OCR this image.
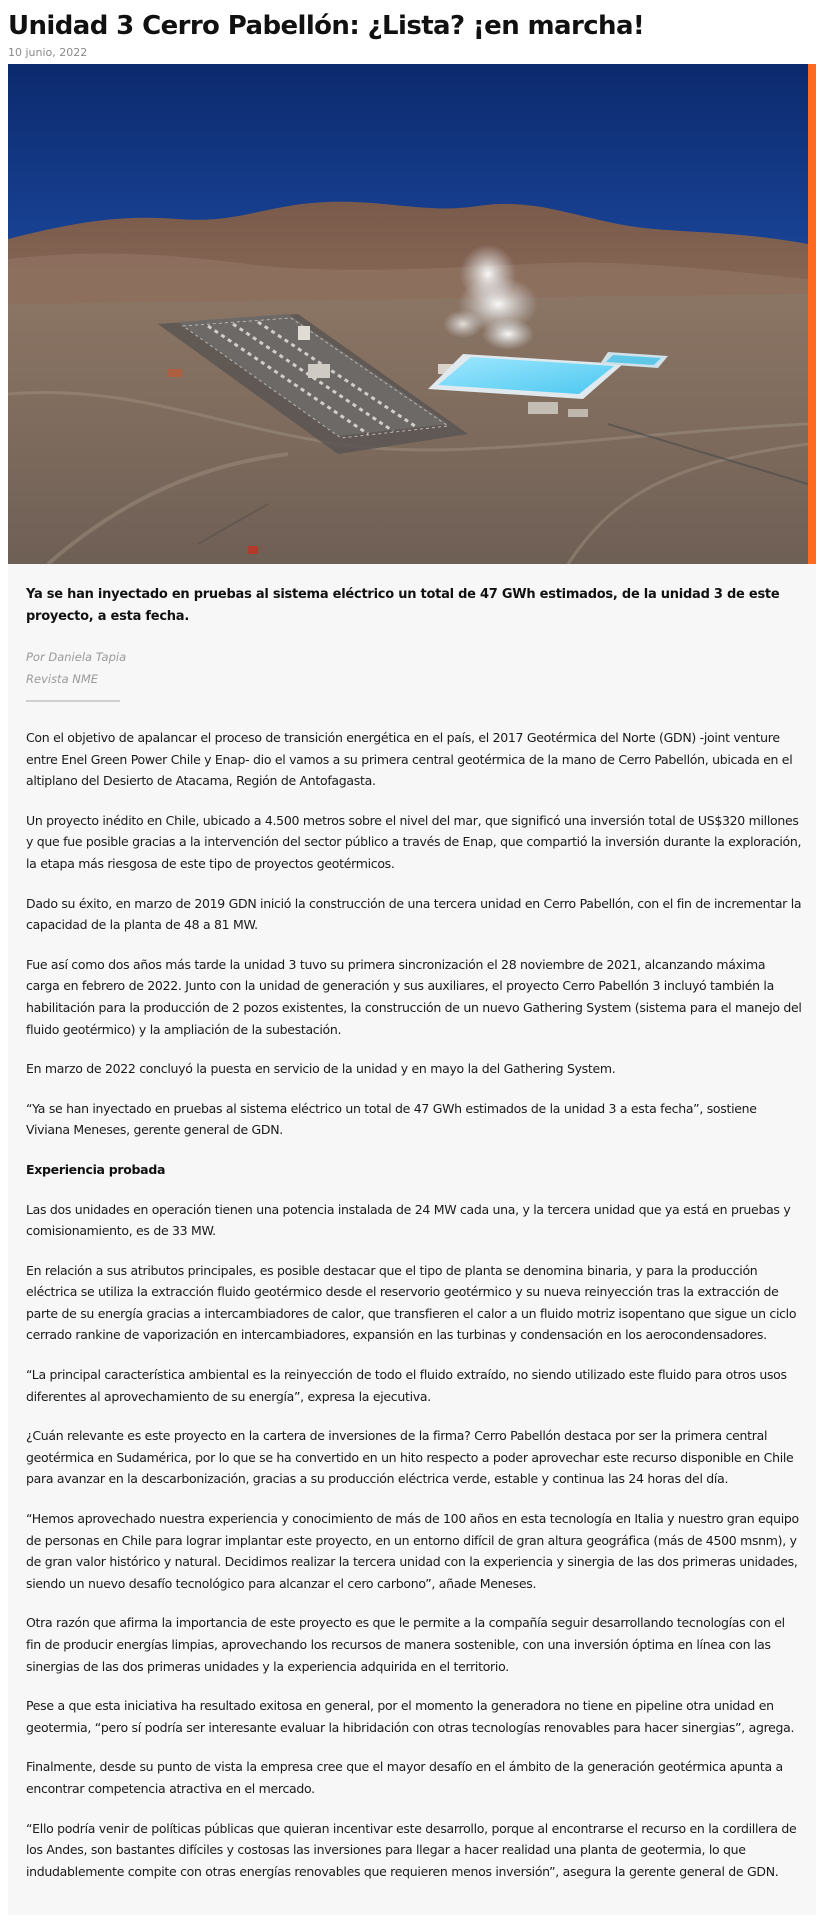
Unidad 3 Cerro Pabellón: ¿Lista? ¡en marcha!
10 junio, 2022

Ya se han inyectado en pruebas al sistema eléctrico un total de 47 GWh estimados, de la unidad 3 de este proyecto, a esta fecha.

Por Daniela Tapia
Revista NME

Con el objetivo de apalancar el proceso de transición energética en el país, el 2017 Geotérmica del Norte (GDN) -joint venture entre Enel Green Power Chile y Enap- dio el vamos a su primera central geotérmica de la mano de Cerro Pabellón, ubicada en el altiplano del Desierto de Atacama, Región de Antofagasta.

Un proyecto inédito en Chile, ubicado a 4.500 metros sobre el nivel del mar, que significó una inversión total de US$320 millones y que fue posible gracias a la intervención del sector público a través de Enap, que compartió la inversión durante la exploración, la etapa más riesgosa de este tipo de proyectos geotérmicos.

Dado su éxito, en marzo de 2019 GDN inició la construcción de una tercera unidad en Cerro Pabellón, con el fin de incrementar la capacidad de la planta de 48 a 81 MW.

Fue así como dos años más tarde la unidad 3 tuvo su primera sincronización el 28 noviembre de 2021, alcanzando máxima carga en febrero de 2022. Junto con la unidad de generación y sus auxiliares, el proyecto Cerro Pabellón 3 incluyó también la habilitación para la producción de 2 pozos existentes, la construcción de un nuevo Gathering System (sistema para el manejo del fluido geotérmico) y la ampliación de la subestación.

En marzo de 2022 concluyó la puesta en servicio de la unidad y en mayo la del Gathering System.

“Ya se han inyectado en pruebas al sistema eléctrico un total de 47 GWh estimados de la unidad 3 a esta fecha”, sostiene Viviana Meneses, gerente general de GDN.

Experiencia probada

Las dos unidades en operación tienen una potencia instalada de 24 MW cada una, y la tercera unidad que ya está en pruebas y comisionamiento, es de 33 MW.

En relación a sus atributos principales, es posible destacar que el tipo de planta se denomina binaria, y para la producción eléctrica se utiliza la extracción fluido geotérmico desde el reservorio geotérmico y su nueva reinyección tras la extracción de parte de su energía gracias a intercambiadores de calor, que transfieren el calor a un fluido motriz isopentano que sigue un ciclo cerrado rankine de vaporización en intercambiadores, expansión en las turbinas y condensación en los aerocondensadores.

“La principal característica ambiental es la reinyección de todo el fluido extraído, no siendo utilizado este fluido para otros usos diferentes al aprovechamiento de su energía”, expresa la ejecutiva.

¿Cuán relevante es este proyecto en la cartera de inversiones de la firma? Cerro Pabellón destaca por ser la primera central geotérmica en Sudamérica, por lo que se ha convertido en un hito respecto a poder aprovechar este recurso disponible en Chile para avanzar en la descarbonización, gracias a su producción eléctrica verde, estable y continua las 24 horas del día.

“Hemos aprovechado nuestra experiencia y conocimiento de más de 100 años en esta tecnología en Italia y nuestro gran equipo de personas en Chile para lograr implantar este proyecto, en un entorno difícil de gran altura geográfica (más de 4500 msnm), y de gran valor histórico y natural. Decidimos realizar la tercera unidad con la experiencia y sinergia de las dos primeras unidades, siendo un nuevo desafío tecnológico para alcanzar el cero carbono”, añade Meneses.

Otra razón que afirma la importancia de este proyecto es que le permite a la compañía seguir desarrollando tecnologías con el fin de producir energías limpias, aprovechando los recursos de manera sostenible, con una inversión óptima en línea con las sinergias de las dos primeras unidades y la experiencia adquirida en el territorio.

Pese a que esta iniciativa ha resultado exitosa en general, por el momento la generadora no tiene en pipeline otra unidad en geotermia, “pero sí podría ser interesante evaluar la hibridación con otras tecnologías renovables para hacer sinergias”, agrega.

Finalmente, desde su punto de vista la empresa cree que el mayor desafío en el ámbito de la generación geotérmica apunta a encontrar competencia atractiva en el mercado.

“Ello podría venir de políticas públicas que quieran incentivar este desarrollo, porque al encontrarse el recurso en la cordillera de los Andes, son bastantes difíciles y costosas las inversiones para llegar a hacer realidad una planta de geotermia, lo que indudablemente compite con otras energías renovables que requieren menos inversión”, asegura la gerente general de GDN.
